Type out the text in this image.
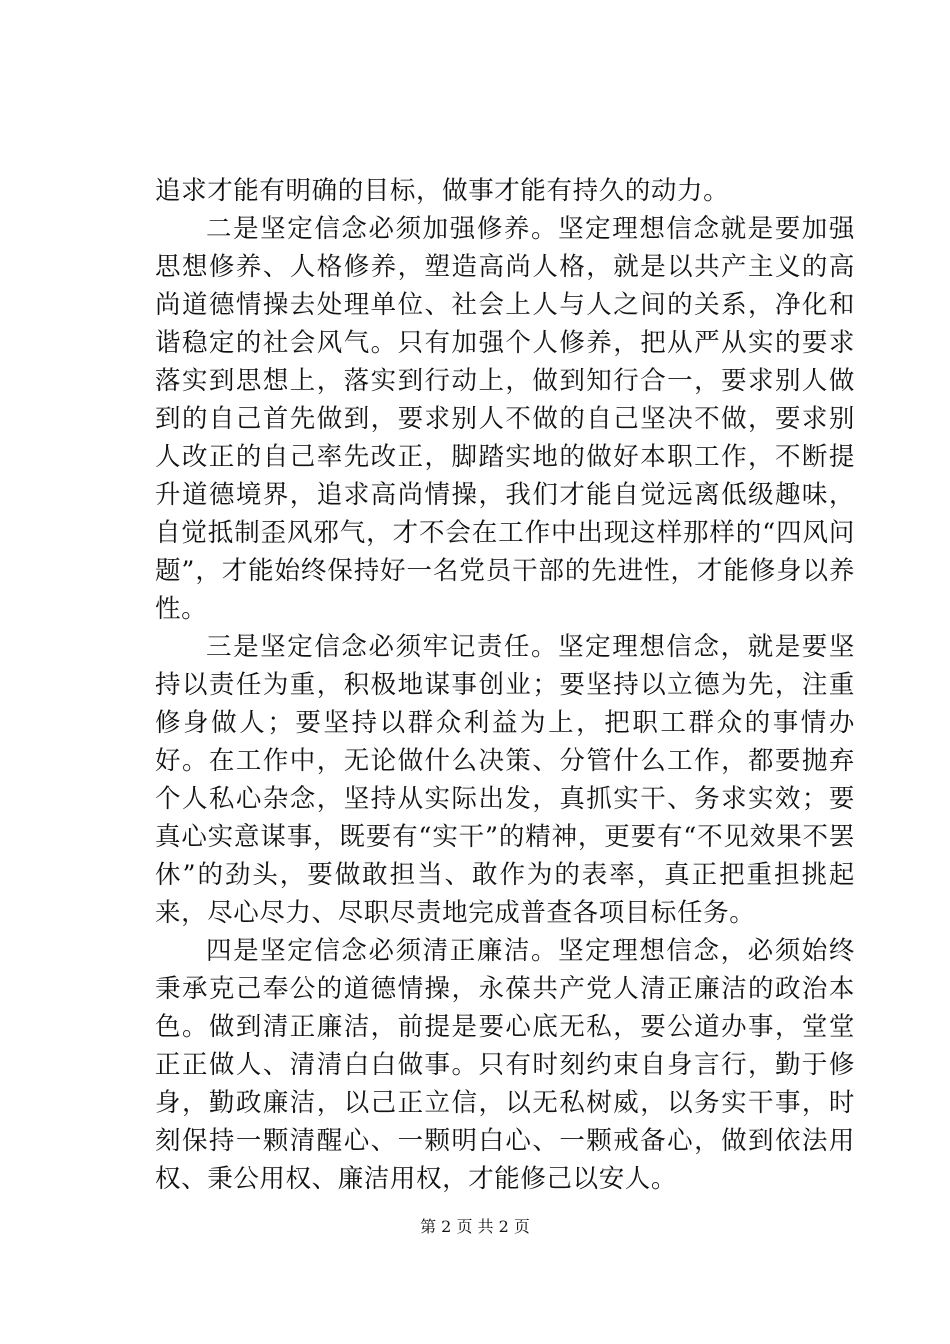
追求才能有明确的目标，做事才能有持久的动力。

二是坚定信念必须加强修养。坚定理想信念就是要加强思想修养、人格修养，塑造高尚人格，就是以共产主义的高尚道德情操去处理单位、社会上人与人之间的关系，净化和谐稳定的社会风气。只有加强个人修养，把从严从实的要求落实到思想上，落实到行动上，做到知行合一，要求别人做到的自己首先做到，要求别人不做的自己坚决不做，要求别人改正的自己率先改正，脚踏实地的做好本职工作，不断提升道德境界，追求高尚情操，我们才能自觉远离低级趣味，自觉抵制歪风邪气，才不会在工作中出现这样那样的“四风问题”，才能始终保持好一名党员干部的先进性，才能修身以养性。

三是坚定信念必须牢记责任。坚定理想信念，就是要坚持以责任为重，积极地谋事创业；要坚持以立德为先，注重修身做人；要坚持以群众利益为上，把职工群众的事情办好。在工作中，无论做什么决策、分管什么工作，都要抛弃个人私心杂念，坚持从实际出发，真抓实干、务求实效；要真心实意谋事，既要有“实干”的精神，更要有“不见效果不罢休”的劲头，要做敢担当、敢作为的表率，真正把重担挑起来，尽心尽力、尽职尽责地完成普查各项目标任务。

四是坚定信念必须清正廉洁。坚定理想信念，必须始终秉承克己奉公的道德情操，永葆共产党人清正廉洁的政治本色。做到清正廉洁，前提是要心底无私，要公道办事，堂堂正正做人、清清白白做事。只有时刻约束自身言行，勤于修身，勤政廉洁，以己正立信，以无私树威，以务实干事，时刻保持一颗清醒心、一颗明白心、一颗戒备心，做到依法用权、秉公用权、廉洁用权，才能修己以安人。

第 2 页 共 2 页
